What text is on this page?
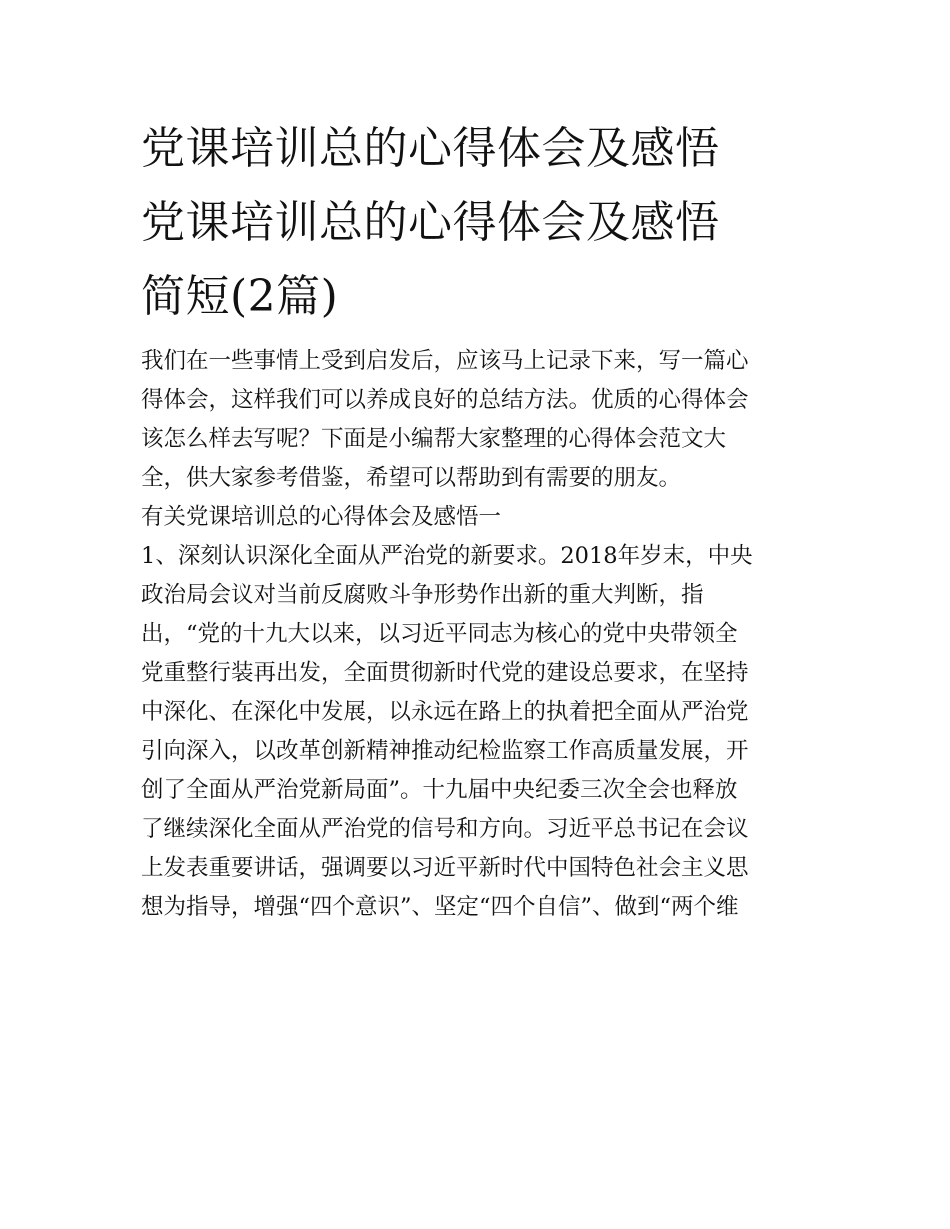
党课培训总的心得体会及感悟
党课培训总的心得体会及感悟
简短(2篇)

我们在一些事情上受到启发后，应该马上记录下来，写一篇心
得体会，这样我们可以养成良好的总结方法。优质的心得体会
该怎么样去写呢？下面是小编帮大家整理的心得体会范文大
全，供大家参考借鉴，希望可以帮助到有需要的朋友。

有关党课培训总的心得体会及感悟一

1、深刻认识深化全面从严治党的新要求。2018年岁末，中央
政治局会议对当前反腐败斗争形势作出新的重大判断，指
出，“党的十九大以来，以习近平同志为核心的党中央带领全
党重整行装再出发，全面贯彻新时代党的建设总要求，在坚持
中深化、在深化中发展，以永远在路上的执着把全面从严治党
引向深入，以改革创新精神推动纪检监察工作高质量发展，开
创了全面从严治党新局面”。十九届中央纪委三次全会也释放
了继续深化全面从严治党的信号和方向。习近平总书记在会议
上发表重要讲话，强调要以习近平新时代中国特色社会主义思
想为指导，增强“四个意识”、坚定“四个自信”、做到“两个维
